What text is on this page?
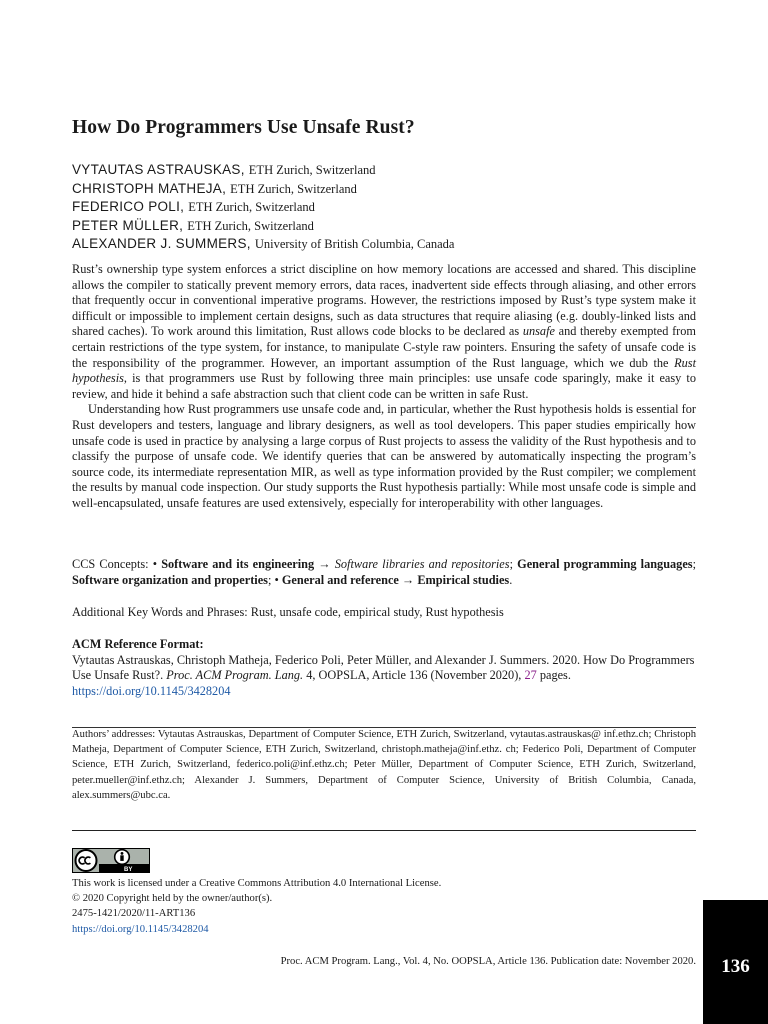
How Do Programmers Use Unsafe Rust?
VYTAUTAS ASTRAUSKAS, ETH Zurich, Switzerland
CHRISTOPH MATHEJA, ETH Zurich, Switzerland
FEDERICO POLI, ETH Zurich, Switzerland
PETER MÜLLER, ETH Zurich, Switzerland
ALEXANDER J. SUMMERS, University of British Columbia, Canada

Rust’s ownership type system enforces a strict discipline on how memory locations are accessed and shared. This discipline allows the compiler to statically prevent memory errors, data races, inadvertent side effects through aliasing, and other errors that frequently occur in conventional imperative programs. However, the restrictions imposed by Rust’s type system make it difficult or impossible to implement certain designs, such as data structures that require aliasing (e.g. doubly-linked lists and shared caches). To work around this limitation, Rust allows code blocks to be declared as unsafe and thereby exempted from certain restrictions of the type system, for instance, to manipulate C-style raw pointers. Ensuring the safety of unsafe code is the responsibility of the programmer. However, an important assumption of the Rust language, which we dub the Rust hypothesis, is that programmers use Rust by following three main principles: use unsafe code sparingly, make it easy to review, and hide it behind a safe abstraction such that client code can be written in safe Rust.

Understanding how Rust programmers use unsafe code and, in particular, whether the Rust hypothesis holds is essential for Rust developers and testers, language and library designers, as well as tool developers. This paper studies empirically how unsafe code is used in practice by analysing a large corpus of Rust projects to assess the validity of the Rust hypothesis and to classify the purpose of unsafe code. We identify queries that can be answered by automatically inspecting the program’s source code, its intermediate representation MIR, as well as type information provided by the Rust compiler; we complement the results by manual code inspection. Our study supports the Rust hypothesis partially: While most unsafe code is simple and well-encapsulated, unsafe features are used extensively, especially for interoperability with other languages.

CCS Concepts: • Software and its engineering → Software libraries and repositories; General programming languages; Software organization and properties; • General and reference → Empirical studies.
Additional Key Words and Phrases: Rust, unsafe code, empirical study, Rust hypothesis
ACM Reference Format:
Vytautas Astrauskas, Christoph Matheja, Federico Poli, Peter Müller, and Alexander J. Summers. 2020. How Do Programmers Use Unsafe Rust?. Proc. ACM Program. Lang. 4, OOPSLA, Article 136 (November 2020), 27 pages.
https://doi.org/10.1145/3428204
Authors’ addresses: Vytautas Astrauskas, Department of Computer Science, ETH Zurich, Switzerland, vytautas.astrauskas@ inf.ethz.ch; Christoph Matheja, Department of Computer Science, ETH Zurich, Switzerland, christoph.matheja@inf.ethz. ch; Federico Poli, Department of Computer Science, ETH Zurich, Switzerland, federico.poli@inf.ethz.ch; Peter Müller, Department of Computer Science, ETH Zurich, Switzerland, peter.mueller@inf.ethz.ch; Alexander J. Summers, Department of Computer Science, University of British Columbia, Canada, alex.summers@ubc.ca.
BY
This work is licensed under a Creative Commons Attribution 4.0 International License.
© 2020 Copyright held by the owner/author(s).
2475-1421/2020/11-ART136
https://doi.org/10.1145/3428204
Proc. ACM Program. Lang., Vol. 4, No. OOPSLA, Article 136. Publication date: November 2020.	136
